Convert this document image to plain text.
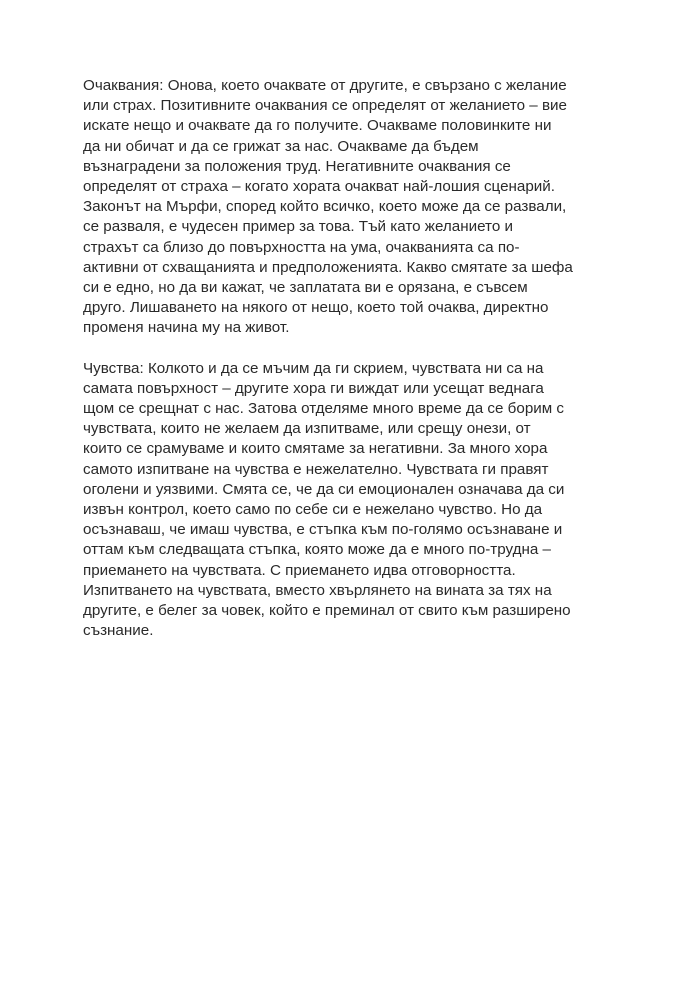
Очаквания: Онова, което очаквате от другите, е свързано с желание
или страх. Позитивните очаквания се определят от желанието – вие
искате нещо и очаквате да го получите. Очакваме половинките ни
да ни обичат и да се грижат за нас. Очакваме да бъдем
възнаградени за положения труд. Негативните очаквания се
определят от страха – когато хората очакват най-лошия сценарий.
Законът на Мърфи, според който всичко, което може да се развали,
се разваля, е чудесен пример за това. Тъй като желанието и
страхът са близо до повърхността на ума, очакванията са по-
активни от схващанията и предположенията. Какво смятате за шефа
си е едно, но да ви кажат, че заплатата ви е орязана, е съвсем
друго. Лишаването на някого от нещо, което той очаква, директно
променя начина му на живот.

Чувства: Колкото и да се мъчим да ги скрием, чувствата ни са на
самата повърхност – другите хора ги виждат или усещат веднага
щом се срещнат с нас. Затова отделяме много време да се борим с
чувствата, които не желаем да изпитваме, или срещу онези, от
които се срамуваме и които смятаме за негативни. За много хора
самото изпитване на чувства е нежелателно. Чувствата ги правят
оголени и уязвими. Смята се, че да си емоционален означава да си
извън контрол, което само по себе си е нежелано чувство. Но да
осъзнаваш, че имаш чувства, е стъпка към по-голямо осъзнаване и
оттам към следващата стъпка, която може да е много по-трудна –
приемането на чувствата. С приемането идва отговорността.
Изпитването на чувствата, вместо хвърлянето на вината за тях на
другите, е белег за човек, който е преминал от свито към разширено
съзнание.
